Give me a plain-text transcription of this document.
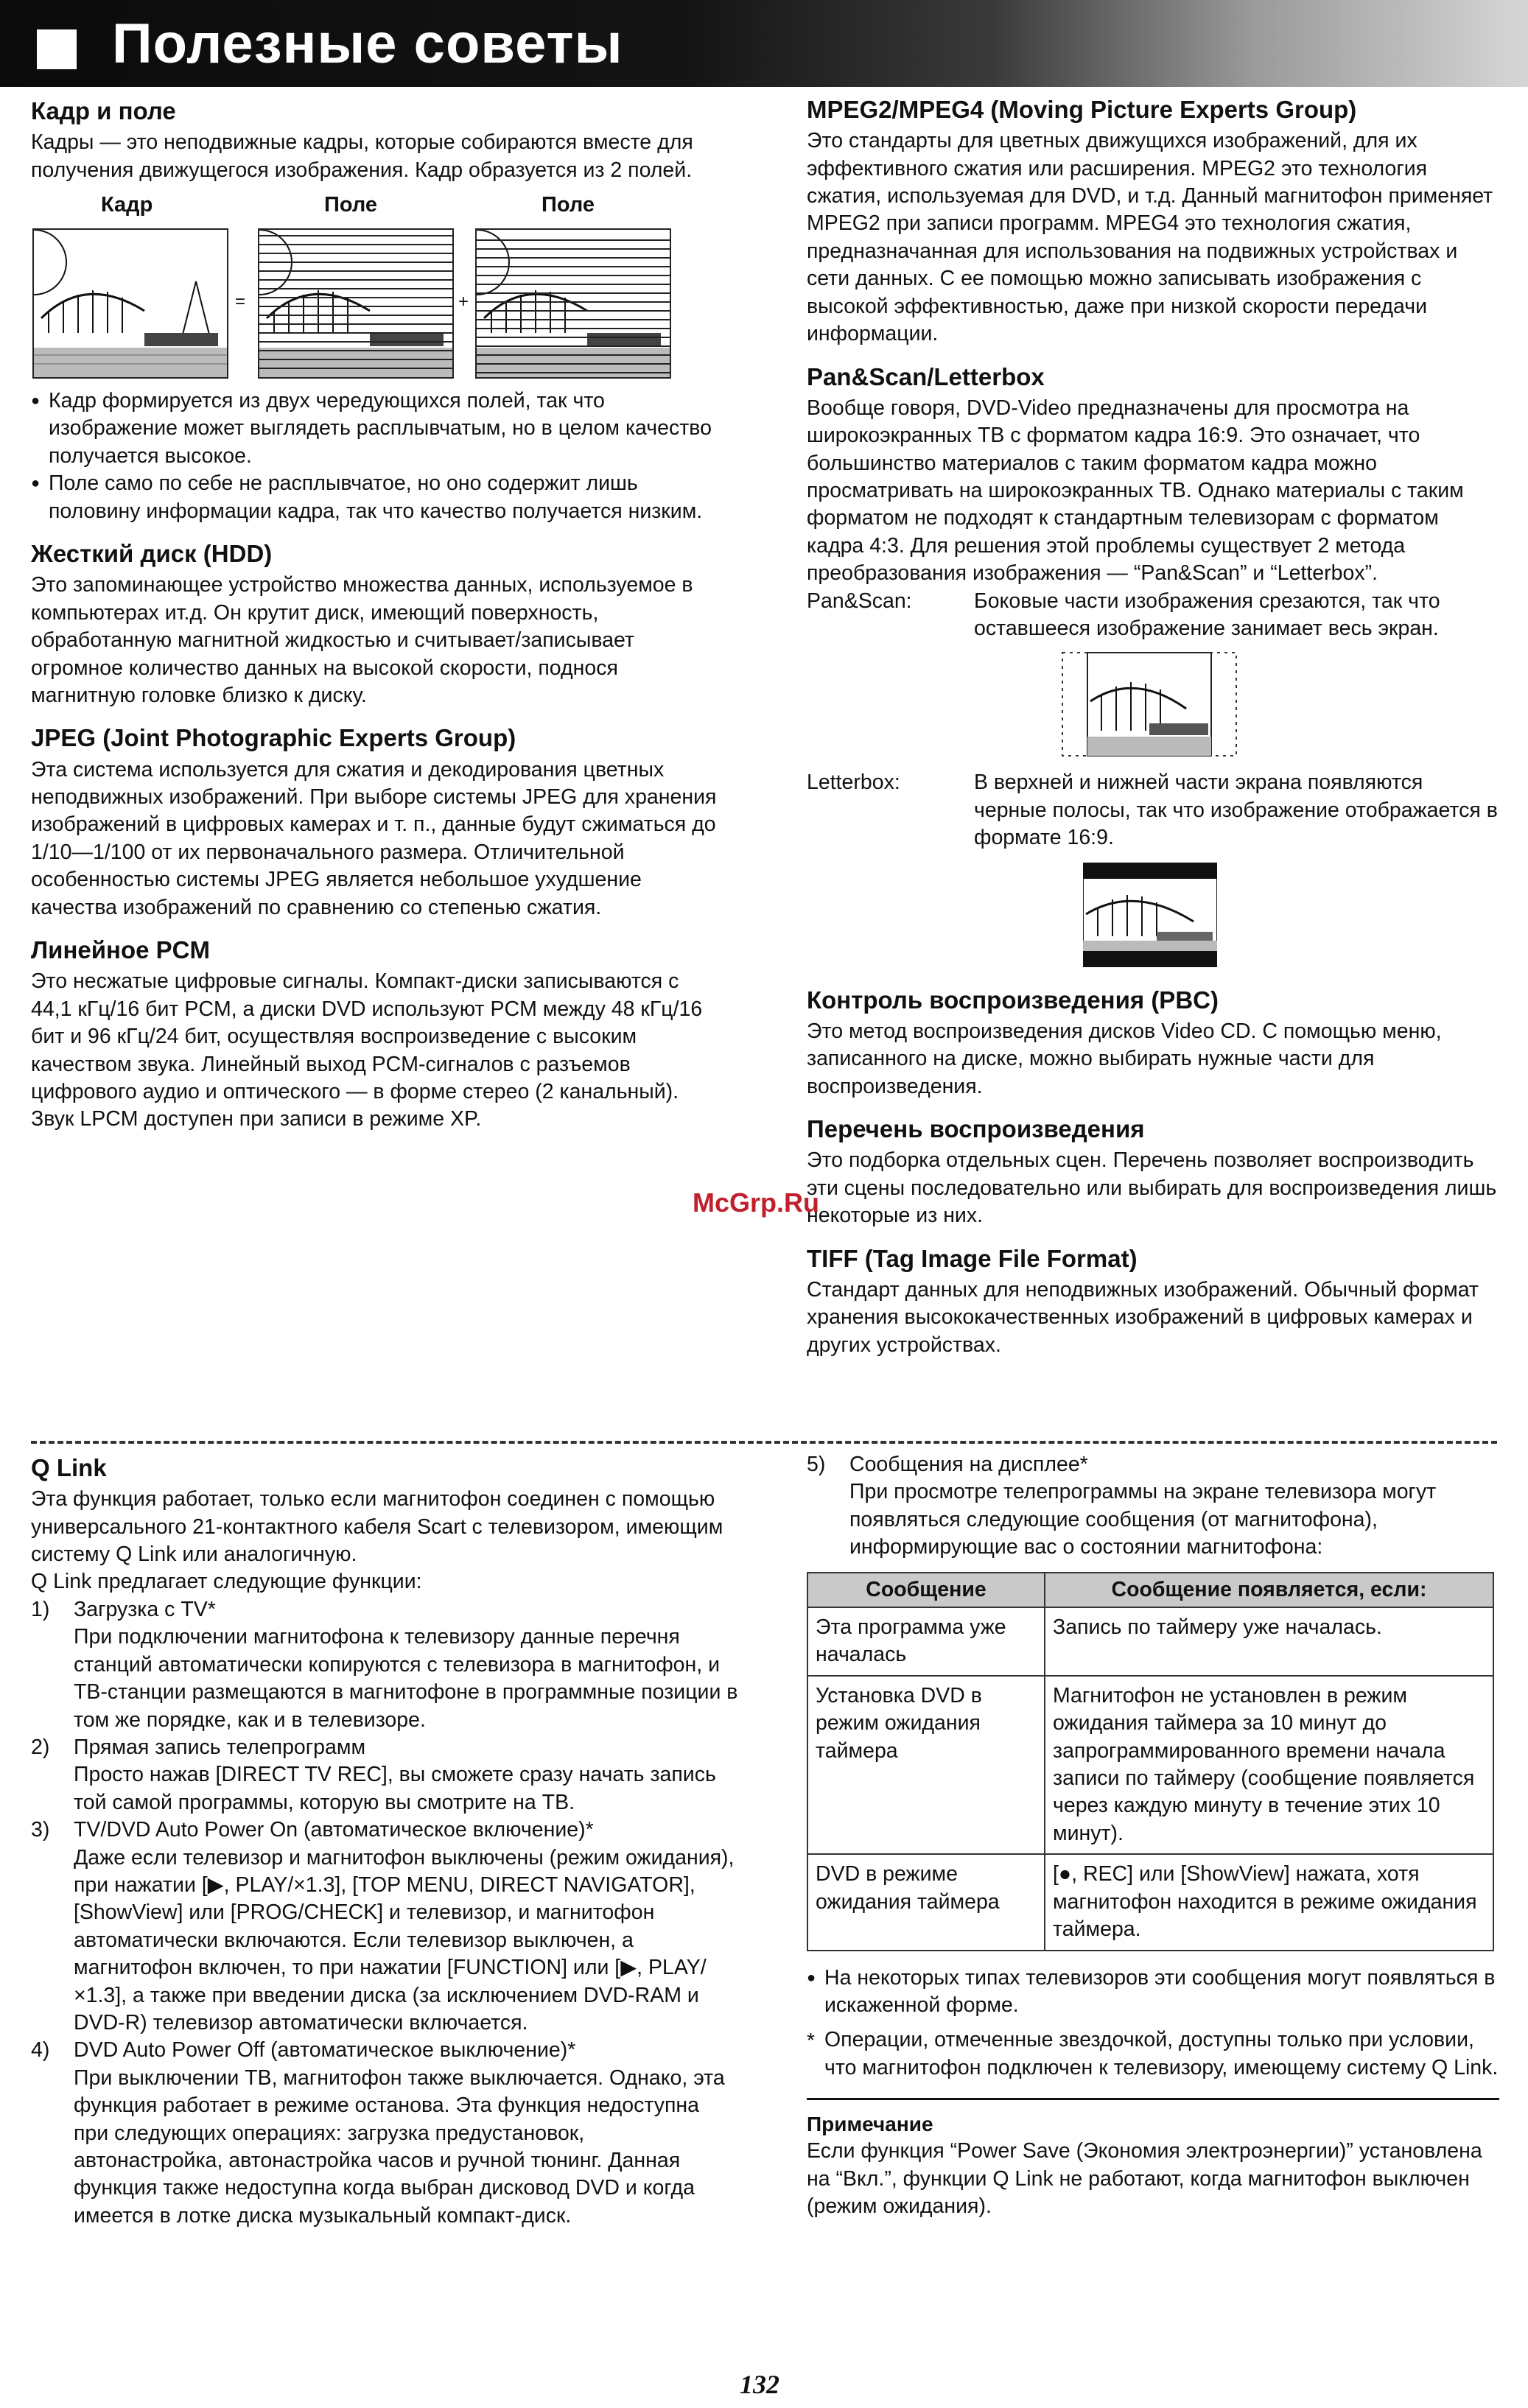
Полезные советы
Кадр и поле

Кадры — это неподвижные кадры, которые собираются вместе для получения движущегося изображения. Кадр образуется из 2 полей.

Кадр	Поле	Поле
=	+
● Кадр формируется из двух чередующихся полей, так что изображение может выглядеть расплывчатым, но в целом качество получается высокое.
● Поле само по себе не расплывчатое, но оно содержит лишь половину информации кадра, так что качество получается низким.
Жесткий диск (HDD)

Это запоминающее устройство множества данных, используемое в компьютерах ит.д. Он крутит диск, имеющий поверхность, обработанную магнитной жидкостью и считывает/записывает огромное количество данных на высокой скорости, поднося магнитную головке близко к диску.

JPEG (Joint Photographic Experts Group)

Эта система используется для сжатия и декодирования цветных неподвижных изображений. При выборе системы JPEG для хранения изображений в цифровых камерах и т. п., данные будут сжиматься до 1/10—1/100 от их первоначального размера. Отличительной особенностью системы JPEG является небольшое ухудшение качества изображений по сравнению со степенью сжатия.

Линейное PCM

Это несжатые цифровые сигналы. Компакт-диски записываются с 44,1 кГц/16 бит PCM, а диски DVD используют PCM между 48 кГц/16 бит и 96 кГц/24 бит, осуществляя воспроизведение с высоким качеством звука. Линейный выход PCM-сигналов с разъемов цифрового аудио и оптического — в форме стерео (2 канальный). Звук LPCM доступен при записи в режиме XP.

MPEG2/MPEG4 (Moving Picture Experts Group)

Это стандарты для цветных движущихся изображений, для их эффективного сжатия или расширения. MPEG2 это технология сжатия, используемая для DVD, и т.д. Данный магнитофон применяет MPEG2 при записи программ. MPEG4 это технология сжатия, предназначанная для использования на подвижных устройствах и сети данных. С ее помощью можно записывать изображения с высокой эффективностью, даже при низкой скорости передачи информации.

Pan&Scan/Letterbox

Вообще говоря, DVD-Video предназначены для просмотра на широкоэкранных ТВ с форматом кадра 16:9. Это означает, что большинство материалов с таким форматом кадра можно просматривать на широкоэкранных ТВ. Однако материалы с таким форматом не подходят к стандартным телевизорам с форматом кадра 4:3. Для решения этой проблемы существует 2 метода преобразования изображения — “Pan&Scan” и “Letterbox”.

Pan&Scan:	Боковые части изображения срезаются, так что оставшееся изображение занимает весь экран.
Letterbox:	В верхней и нижней части экрана появляются черные полосы, так что изображение отображается в формате 16:9.
Контроль воспроизведения (PBC)

Это метод воспроизведения дисков Video CD. С помощью меню, записанного на диске, можно выбирать нужные части для воспроизведения.

Перечень воспроизведения

Это подборка отдельных сцен. Перечень позволяет воспроизводить эти сцены последовательно или выбирать для воспроизведения лишь некоторые из них.

TIFF (Tag Image File Format)

Стандарт данных для неподвижных изображений. Обычный формат хранения высококачественных изображений в цифровых камерах и других устройствах.

McGrp.Ru
Q Link

Эта функция работает, только если магнитофон соединен с помощью универсального 21-контактного кабеля Scart с телевизором, имеющим систему Q Link или аналогичную.

Q Link предлагает следующие функции:

1) Загрузка с TV*
При подключении магнитофона к телевизору данные перечня станций автоматически копируются с телевизора в магнитофон, и ТВ-станции размещаются в магнитофоне в программные позиции в том же порядке, как и в телевизоре.
2) Прямая запись телепрограмм
Просто нажав [DIRECT TV REC], вы сможете сразу начать запись той самой программы, которую вы смотрите на ТВ.
3) TV/DVD Auto Power On (автоматическое включение)*
Даже если телевизор и магнитофон выключены (режим ожидания), при нажатии [▶, PLAY/×1.3], [TOP MENU, DIRECT NAVIGATOR], [ShowView] или [PROG/CHECK] и телевизор, и магнитофон автоматически включаются. Если телевизор выключен, а магнитофон включен, то при нажатии [FUNCTION] или [▶, PLAY/×1.3], а также при введении диска (за исключением DVD-RAM и DVD-R) телевизор автоматически включается.
4) DVD Auto Power Off (автоматическое выключение)*
При выключении ТВ, магнитофон также выключается. Однако, эта функция работает в режиме останова. Эта функция недоступна при следующих операциях: загрузка предустановок, автонастройка, автонастройка часов и ручной тюнинг. Данная функция также недоступна когда выбран дисковод DVD и когда имеется в лотке диска музыкальный компакт-диск.
5) Сообщения на дисплее*
При просмотре телепрограммы на экране телевизора могут появляться следующие сообщения (от магнитофона), информирующие вас о состоянии магнитофона:
Сообщение	Сообщение появляется, если:
Эта программа уже началась	Запись по таймеру уже началась.
Установка DVD в режим ожидания таймера	Магнитофон не установлен в режим ожидания таймера за 10 минут до запрограммированного времени начала записи по таймеру (сообщение появляется через каждую минуту в течение этих 10 минут).
DVD в режиме ожидания таймера	[●, REC] или [ShowView] нажата, хотя магнитофон находится в режиме ожидания таймера.
● На некоторых типах телевизоров эти сообщения могут появляться в искаженной форме.
* Операции, отмеченные звездочкой, доступны только при условии, что магнитофон подключен к телевизору, имеющему систему Q Link.
Примечание

Если функция “Power Save (Экономия электроэнергии)” установлена на “Вкл.”, функции Q Link не работают, когда магнитофон выключен (режим ожидания).

132
